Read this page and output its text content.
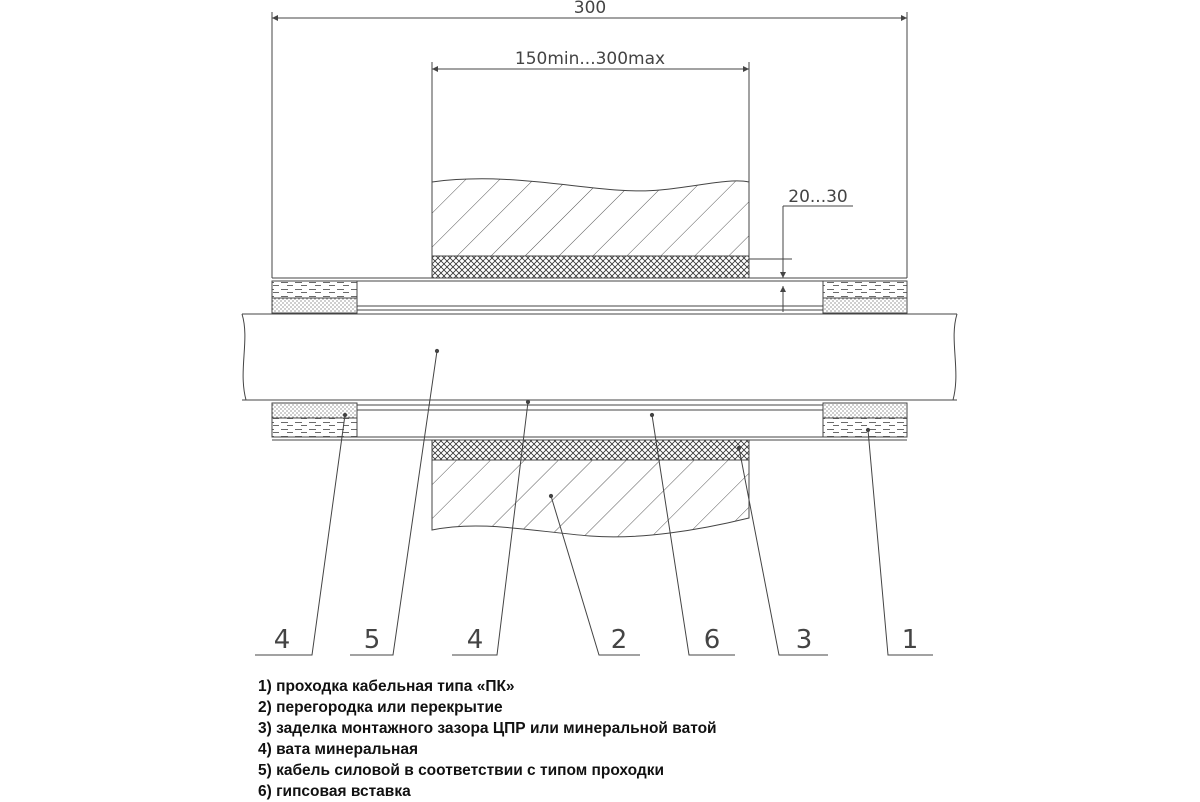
300
150min...300max
20...30
4	5	4	2	6	3	1
1) проходка кабельная типа «ПК»
2) перегородка или перекрытие
3) заделка монтажного зазора ЦПР или минеральной ватой
4) вата минеральная
5) кабель силовой в соответствии с типом проходки
6) гипсовая вставка
